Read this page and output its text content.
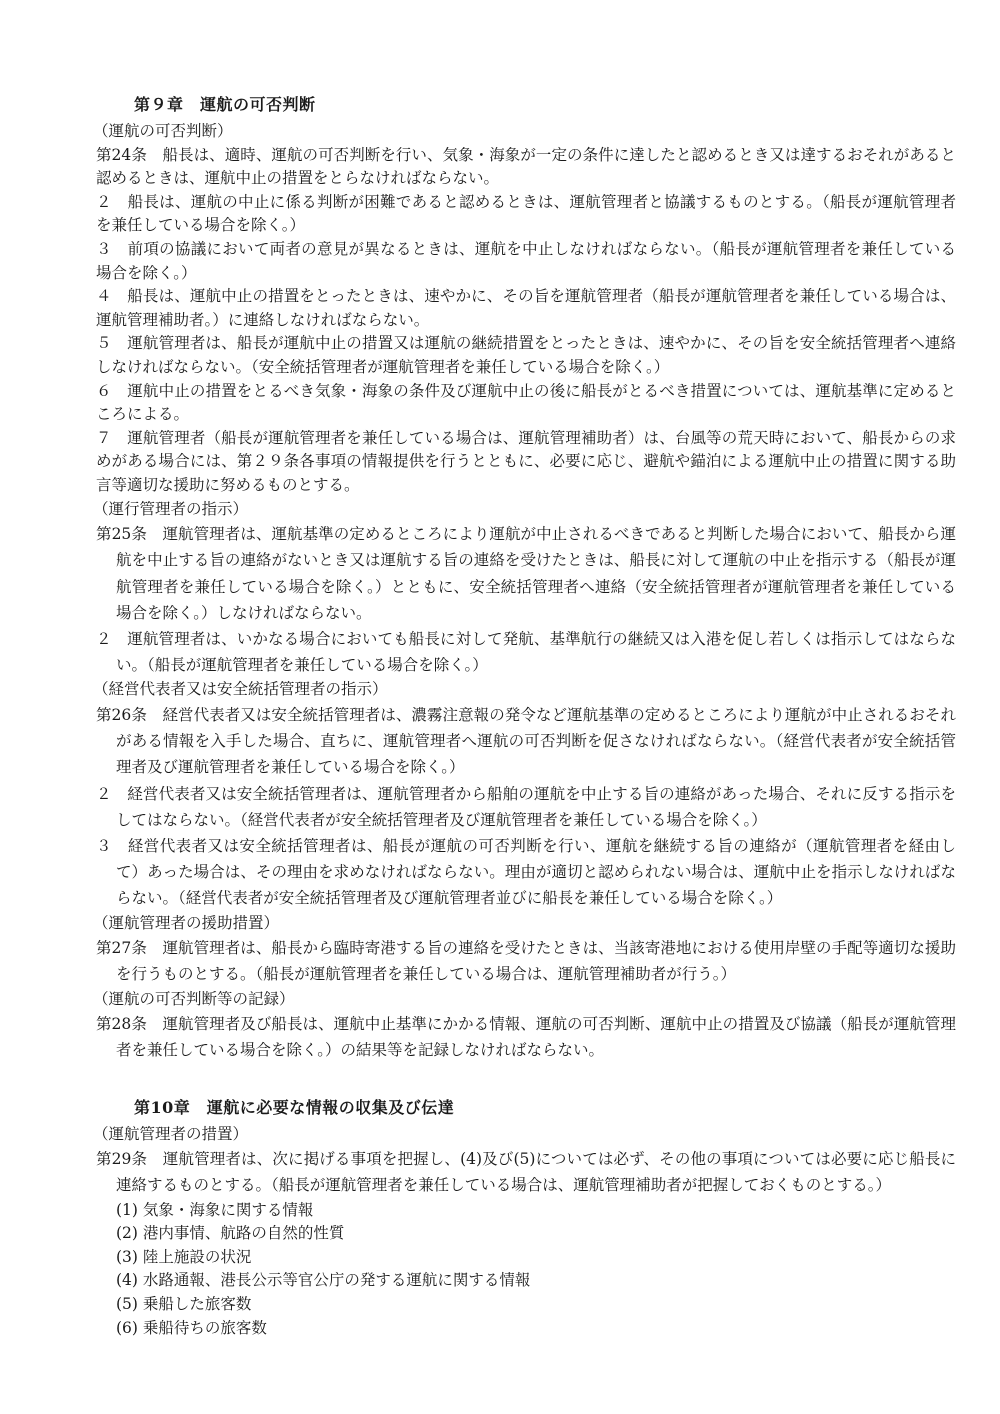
第９章　運航の可否判断
（運航の可否判断）

第24条　船長は、適時、運航の可否判断を行い、気象・海象が一定の条件に達したと認めるとき又は達するおそれがあると認めるときは、運航中止の措置をとらなければならない。

２　船長は、運航の中止に係る判断が困難であると認めるときは、運航管理者と協議するものとする。（船長が運航管理者を兼任している場合を除く。）

３　前項の協議において両者の意見が異なるときは、運航を中止しなければならない。（船長が運航管理者を兼任している場合を除く。）

４　船長は、運航中止の措置をとったときは、速やかに、その旨を運航管理者（船長が運航管理者を兼任している場合は、運航管理補助者。）に連絡しなければならない。

５　運航管理者は、船長が運航中止の措置又は運航の継続措置をとったときは、速やかに、その旨を安全統括管理者へ連絡しなければならない。（安全統括管理者が運航管理者を兼任している場合を除く。）

６　運航中止の措置をとるべき気象・海象の条件及び運航中止の後に船長がとるべき措置については、運航基準に定めるところによる。

７　運航管理者（船長が運航管理者を兼任している場合は、運航管理補助者）は、台風等の荒天時において、船長からの求めがある場合には、第２９条各事項の情報提供を行うとともに、必要に応じ、避航や錨泊による運航中止の措置に関する助言等適切な援助に努めるものとする。

（運行管理者の指示）

第25条　運航管理者は、運航基準の定めるところにより運航が中止されるべきであると判断した場合において、船長から運航を中止する旨の連絡がないとき又は運航する旨の連絡を受けたときは、船長に対して運航の中止を指示する（船長が運航管理者を兼任している場合を除く。）とともに、安全統括管理者へ連絡（安全統括管理者が運航管理者を兼任している場合を除く。）しなければならない。

２　運航管理者は、いかなる場合においても船長に対して発航、基準航行の継続又は入港を促し若しくは指示してはならない。（船長が運航管理者を兼任している場合を除く。）

（経営代表者又は安全統括管理者の指示）

第26条　経営代表者又は安全統括管理者は、濃霧注意報の発令など運航基準の定めるところにより運航が中止されるおそれがある情報を入手した場合、直ちに、運航管理者へ運航の可否判断を促さなければならない。（経営代表者が安全統括管理者及び運航管理者を兼任している場合を除く。）

２　経営代表者又は安全統括管理者は、運航管理者から船舶の運航を中止する旨の連絡があった場合、それに反する指示をしてはならない。（経営代表者が安全統括管理者及び運航管理者を兼任している場合を除く。）

３　経営代表者又は安全統括管理者は、船長が運航の可否判断を行い、運航を継続する旨の連絡が（運航管理者を経由して）あった場合は、その理由を求めなければならない。理由が適切と認められない場合は、運航中止を指示しなければならない。（経営代表者が安全統括管理者及び運航管理者並びに船長を兼任している場合を除く。）

（運航管理者の援助措置）

第27条　運航管理者は、船長から臨時寄港する旨の連絡を受けたときは、当該寄港地における使用岸壁の手配等適切な援助を行うものとする。（船長が運航管理者を兼任している場合は、運航管理補助者が行う。）

（運航の可否判断等の記録）

第28条　運航管理者及び船長は、運航中止基準にかかる情報、運航の可否判断、運航中止の措置及び協議（船長が運航管理者を兼任している場合を除く。）の結果等を記録しなければならない。

第10章　運航に必要な情報の収集及び伝達
（運航管理者の措置）

第29条　運航管理者は、次に掲げる事項を把握し、(4)及び(5)については必ず、その他の事項については必要に応じ船長に連絡するものとする。（船長が運航管理者を兼任している場合は、運航管理補助者が把握しておくものとする。）

(1) 気象・海象に関する情報
(2) 港内事情、航路の自然的性質
(3) 陸上施設の状況
(4) 水路通報、港長公示等官公庁の発する運航に関する情報
(5) 乗船した旅客数
(6) 乗船待ちの旅客数
